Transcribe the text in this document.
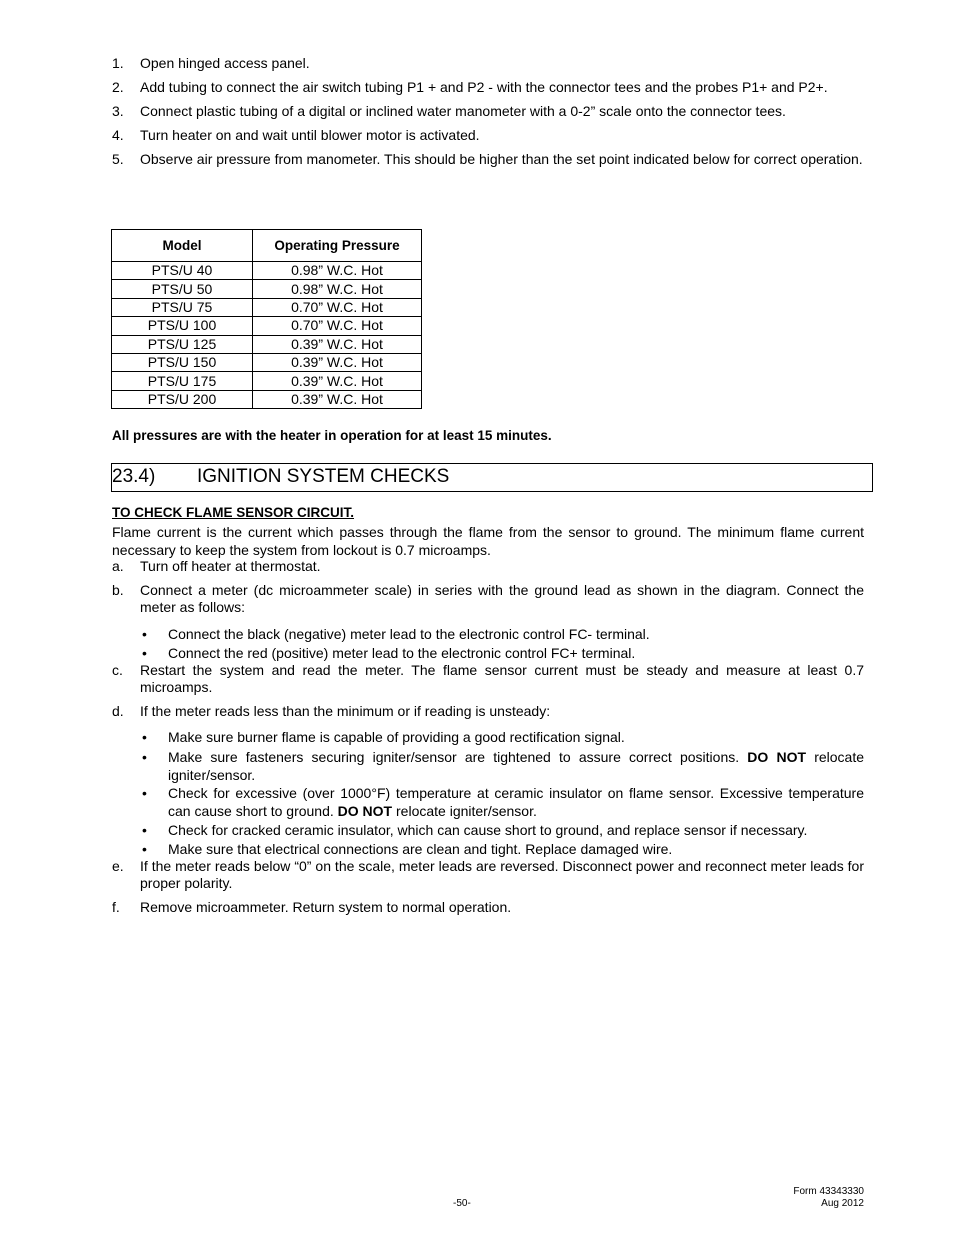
1. Open hinged access panel.
2. Add tubing to connect the air switch tubing P1 + and P2 - with the connector tees and the probes P1+ and P2+.
3. Connect plastic tubing of a digital or inclined water manometer with a 0-2” scale onto the connector tees.
4. Turn heater on and wait until blower motor is activated.
5. Observe air pressure from manometer. This should be higher than the set point indicated below for correct operation.
Model	Operating Pressure
PTS/U 40	0.98” W.C. Hot
PTS/U 50	0.98” W.C. Hot
PTS/U 75	0.70” W.C. Hot
PTS/U 100	0.70” W.C. Hot
PTS/U 125	0.39” W.C. Hot
PTS/U 150	0.39” W.C. Hot
PTS/U 175	0.39” W.C. Hot
PTS/U 200	0.39” W.C. Hot
All pressures are with the heater in operation for at least 15 minutes.
23.4) IGNITION SYSTEM CHECKS
TO CHECK FLAME SENSOR CIRCUIT.
Flame current is the current which passes through the flame from the sensor to ground. The minimum flame current necessary to keep the system from lockout is 0.7 microamps.
a. Turn off heater at thermostat.
b. Connect a meter (dc microammeter scale) in series with the ground lead as shown in the diagram. Connect the meter as follows:
• Connect the black (negative) meter lead to the electronic control FC- terminal.
• Connect the red (positive) meter lead to the electronic control FC+ terminal.
c. Restart the system and read the meter. The flame sensor current must be steady and measure at least 0.7 microamps.
d. If the meter reads less than the minimum or if reading is unsteady:
• Make sure burner flame is capable of providing a good rectification signal.
• Make sure fasteners securing igniter/sensor are tightened to assure correct positions. DO NOT relocate igniter/sensor.
• Check for excessive (over 1000°F) temperature at ceramic insulator on flame sensor. Excessive temperature can cause short to ground. DO NOT relocate igniter/sensor.
• Check for cracked ceramic insulator, which can cause short to ground, and replace sensor if necessary.
• Make sure that electrical connections are clean and tight. Replace damaged wire.
e. If the meter reads below “0” on the scale, meter leads are reversed. Disconnect power and reconnect meter leads for proper polarity.
f. Remove microammeter. Return system to normal operation.
-50-
Form 43343330
Aug 2012
